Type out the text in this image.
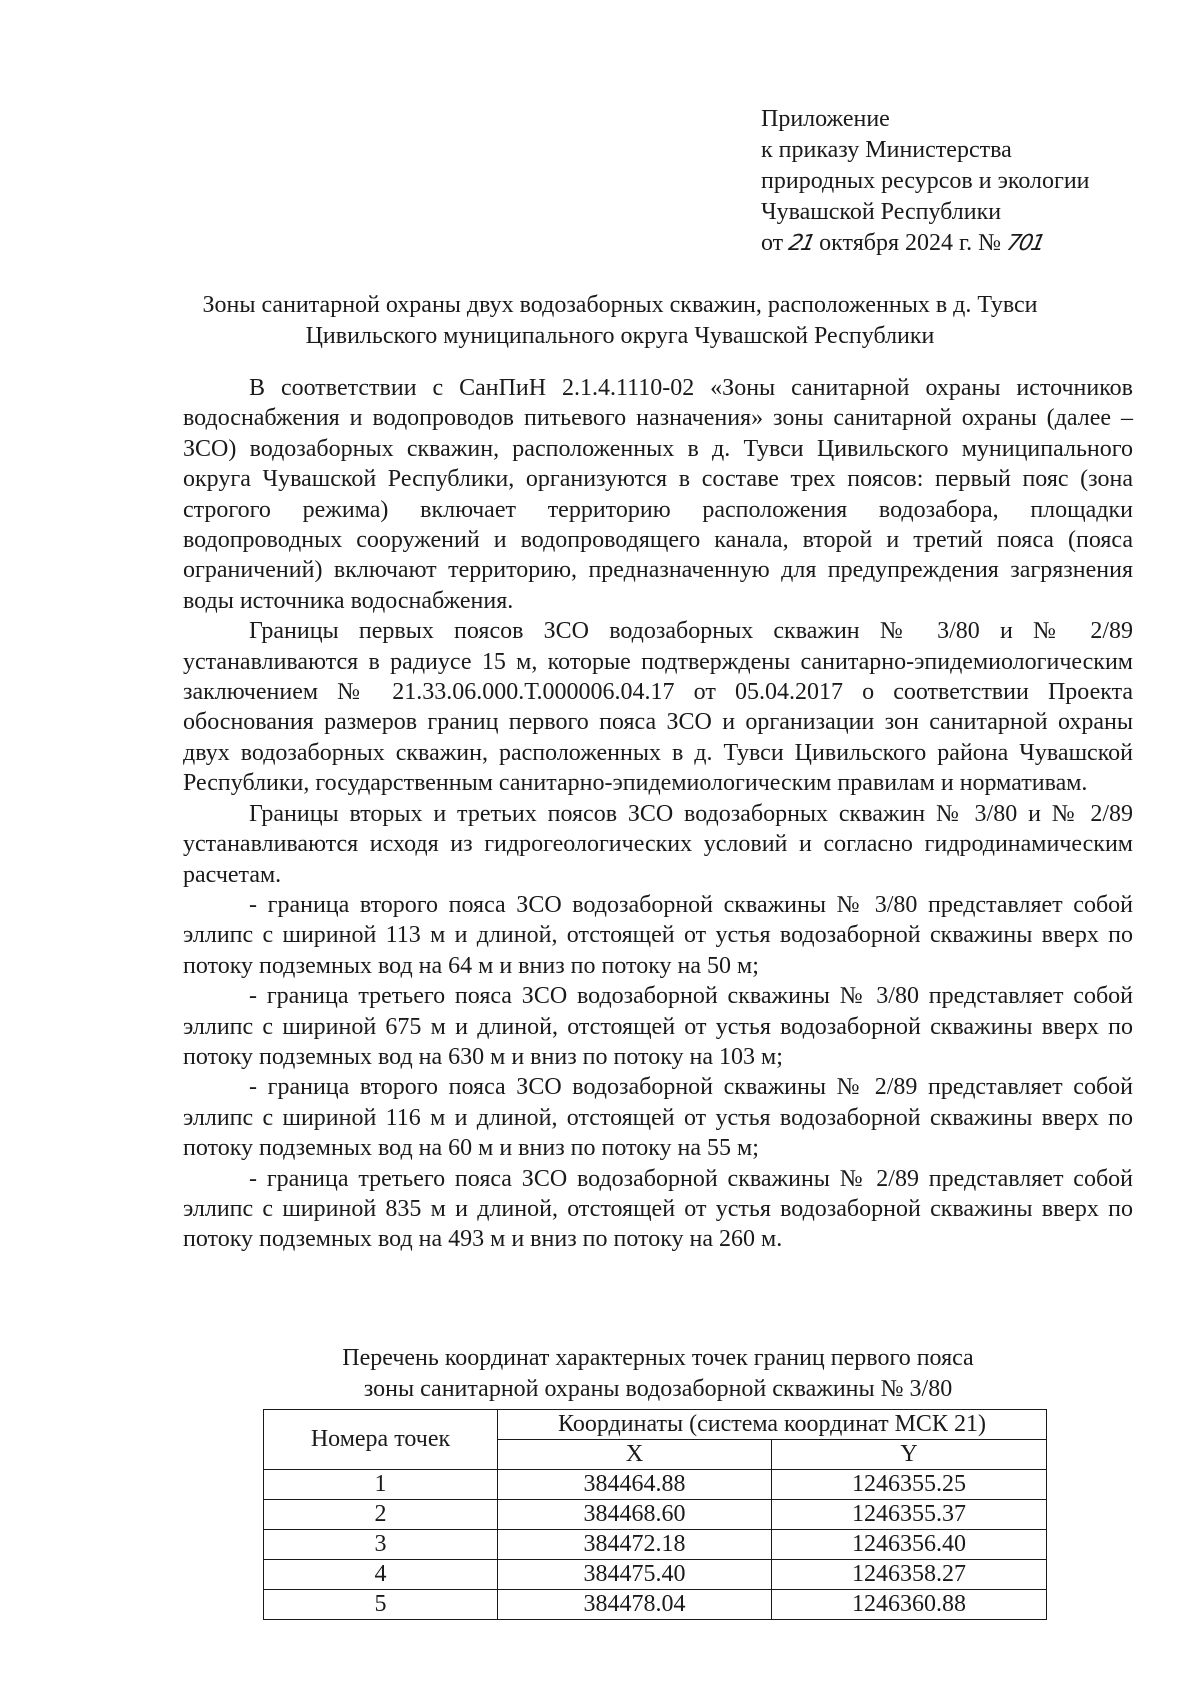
Приложение
к приказу Министерства
природных ресурсов и экологии
Чувашской Республики
от 21 октября 2024 г. № 701
Зоны санитарной охраны двух водозаборных скважин, расположенных в д. Тувси
Цивильского муниципального округа Чувашской Республики

В соответствии с СанПиН 2.1.4.1110-02 «Зоны санитарной охраны источников водоснабжения и водопроводов питьевого назначения» зоны санитарной охраны (далее – ЗСО) водозаборных скважин, расположенных в д. Тувси Цивильского муниципального округа Чувашской Республики, организуются в составе трех поясов: первый пояс (зона строгого режима) включает территорию расположения водозабора, площадки водопроводных сооружений и водопроводящего канала, второй и третий пояса (пояса ограничений) включают территорию, предназначенную для предупреждения загрязнения воды источника водоснабжения.

Границы первых поясов ЗСО водозаборных скважин № 3/80 и № 2/89 устанавливаются в радиусе 15 м, которые подтверждены санитарно-эпидемиологическим заключением № 21.33.06.000.Т.000006.04.17 от 05.04.2017 о соответствии Проекта обоснования размеров границ первого пояса ЗСО и организации зон санитарной охраны двух водозаборных скважин, расположенных в д. Тувси Цивильского района Чувашской Республики, государственным санитарно-эпидемиологическим правилам и нормативам.

Границы вторых и третьих поясов ЗСО водозаборных скважин № 3/80 и № 2/89 устанавливаются исходя из гидрогеологических условий и согласно гидродинамическим расчетам.

- граница второго пояса ЗСО водозаборной скважины № 3/80 представляет собой эллипс с шириной 113 м и длиной, отстоящей от устья водозаборной скважины вверх по потоку подземных вод на 64 м и вниз по потоку на 50 м;

- граница третьего пояса ЗСО водозаборной скважины № 3/80 представляет собой эллипс с шириной 675 м и длиной, отстоящей от устья водозаборной скважины вверх по потоку подземных вод на 630 м и вниз по потоку на 103 м;

- граница второго пояса ЗСО водозаборной скважины № 2/89 представляет собой эллипс с шириной 116 м и длиной, отстоящей от устья водозаборной скважины вверх по потоку подземных вод на 60 м и вниз по потоку на 55 м;

- граница третьего пояса ЗСО водозаборной скважины № 2/89 представляет собой эллипс с шириной 835 м и длиной, отстоящей от устья водозаборной скважины вверх по потоку подземных вод на 493 м и вниз по потоку на 260 м.

Перечень координат характерных точек границ первого пояса
зоны санитарной охраны водозаборной скважины № 3/80
Номера точек	Координаты (система координат МСК 21)	
	X	Y
1	384464.88	1246355.25
2	384468.60	1246355.37
3	384472.18	1246356.40
4	384475.40	1246358.27
5	384478.04	1246360.88
